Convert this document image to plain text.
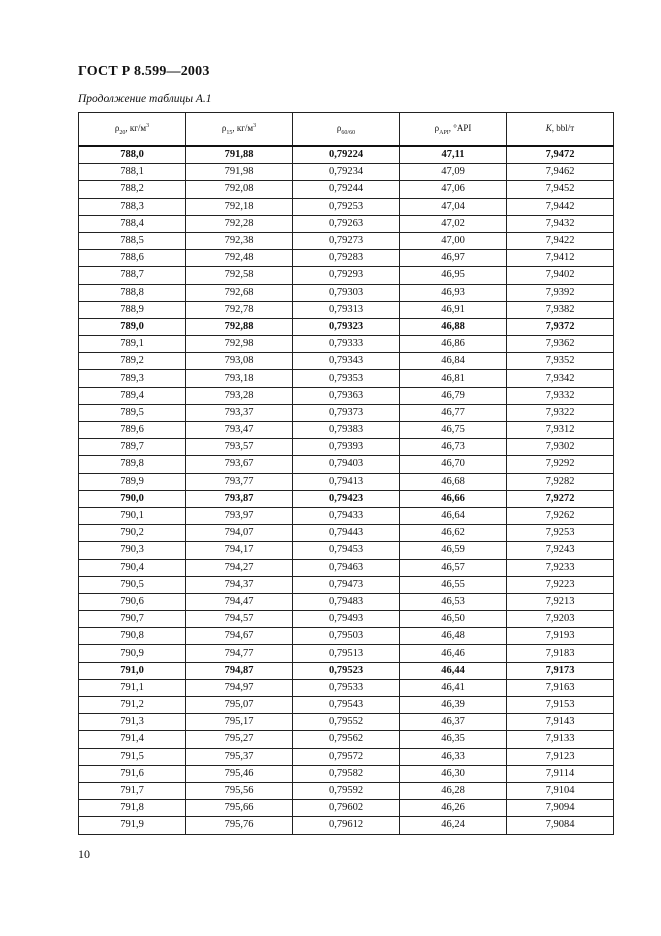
ГОСТ Р 8.599—2003
Продолжение таблицы А.1
$\rho_{20}$, $кг/м^3$	$\rho_{15}$, $кг/м^3$	$\rho_{60/60}$	$\rho_{API}$, °API	K, bbl/т
788,0	791,88	0,79224	47,11	7,9472
788,1	791,98	0,79234	47,09	7,9462
788,2	792,08	0,79244	47,06	7,9452
788,3	792,18	0,79253	47,04	7,9442
788,4	792,28	0,79263	47,02	7,9432
788,5	792,38	0,79273	47,00	7,9422
788,6	792,48	0,79283	46,97	7,9412
788,7	792,58	0,79293	46,95	7,9402
788,8	792,68	0,79303	46,93	7,9392
788,9	792,78	0,79313	46,91	7,9382
789,0	792,88	0,79323	46,88	7,9372
789,1	792,98	0,79333	46,86	7,9362
789,2	793,08	0,79343	46,84	7,9352
789,3	793,18	0,79353	46,81	7,9342
789,4	793,28	0,79363	46,79	7,9332
789,5	793,37	0,79373	46,77	7,9322
789,6	793,47	0,79383	46,75	7,9312
789,7	793,57	0,79393	46,73	7,9302
789,8	793,67	0,79403	46,70	7,9292
789,9	793,77	0,79413	46,68	7,9282
790,0	793,87	0,79423	46,66	7,9272
790,1	793,97	0,79433	46,64	7,9262
790,2	794,07	0,79443	46,62	7,9253
790,3	794,17	0,79453	46,59	7,9243
790,4	794,27	0,79463	46,57	7,9233
790,5	794,37	0,79473	46,55	7,9223
790,6	794,47	0,79483	46,53	7,9213
790,7	794,57	0,79493	46,50	7,9203
790,8	794,67	0,79503	46,48	7,9193
790,9	794,77	0,79513	46,46	7,9183
791,0	794,87	0,79523	46,44	7,9173
791,1	794,97	0,79533	46,41	7,9163
791,2	795,07	0,79543	46,39	7,9153
791,3	795,17	0,79552	46,37	7,9143
791,4	795,27	0,79562	46,35	7,9133
791,5	795,37	0,79572	46,33	7,9123
791,6	795,46	0,79582	46,30	7,9114
791,7	795,56	0,79592	46,28	7,9104
791,8	795,66	0,79602	46,26	7,9094
791,9	795,76	0,79612	46,24	7,9084
10
